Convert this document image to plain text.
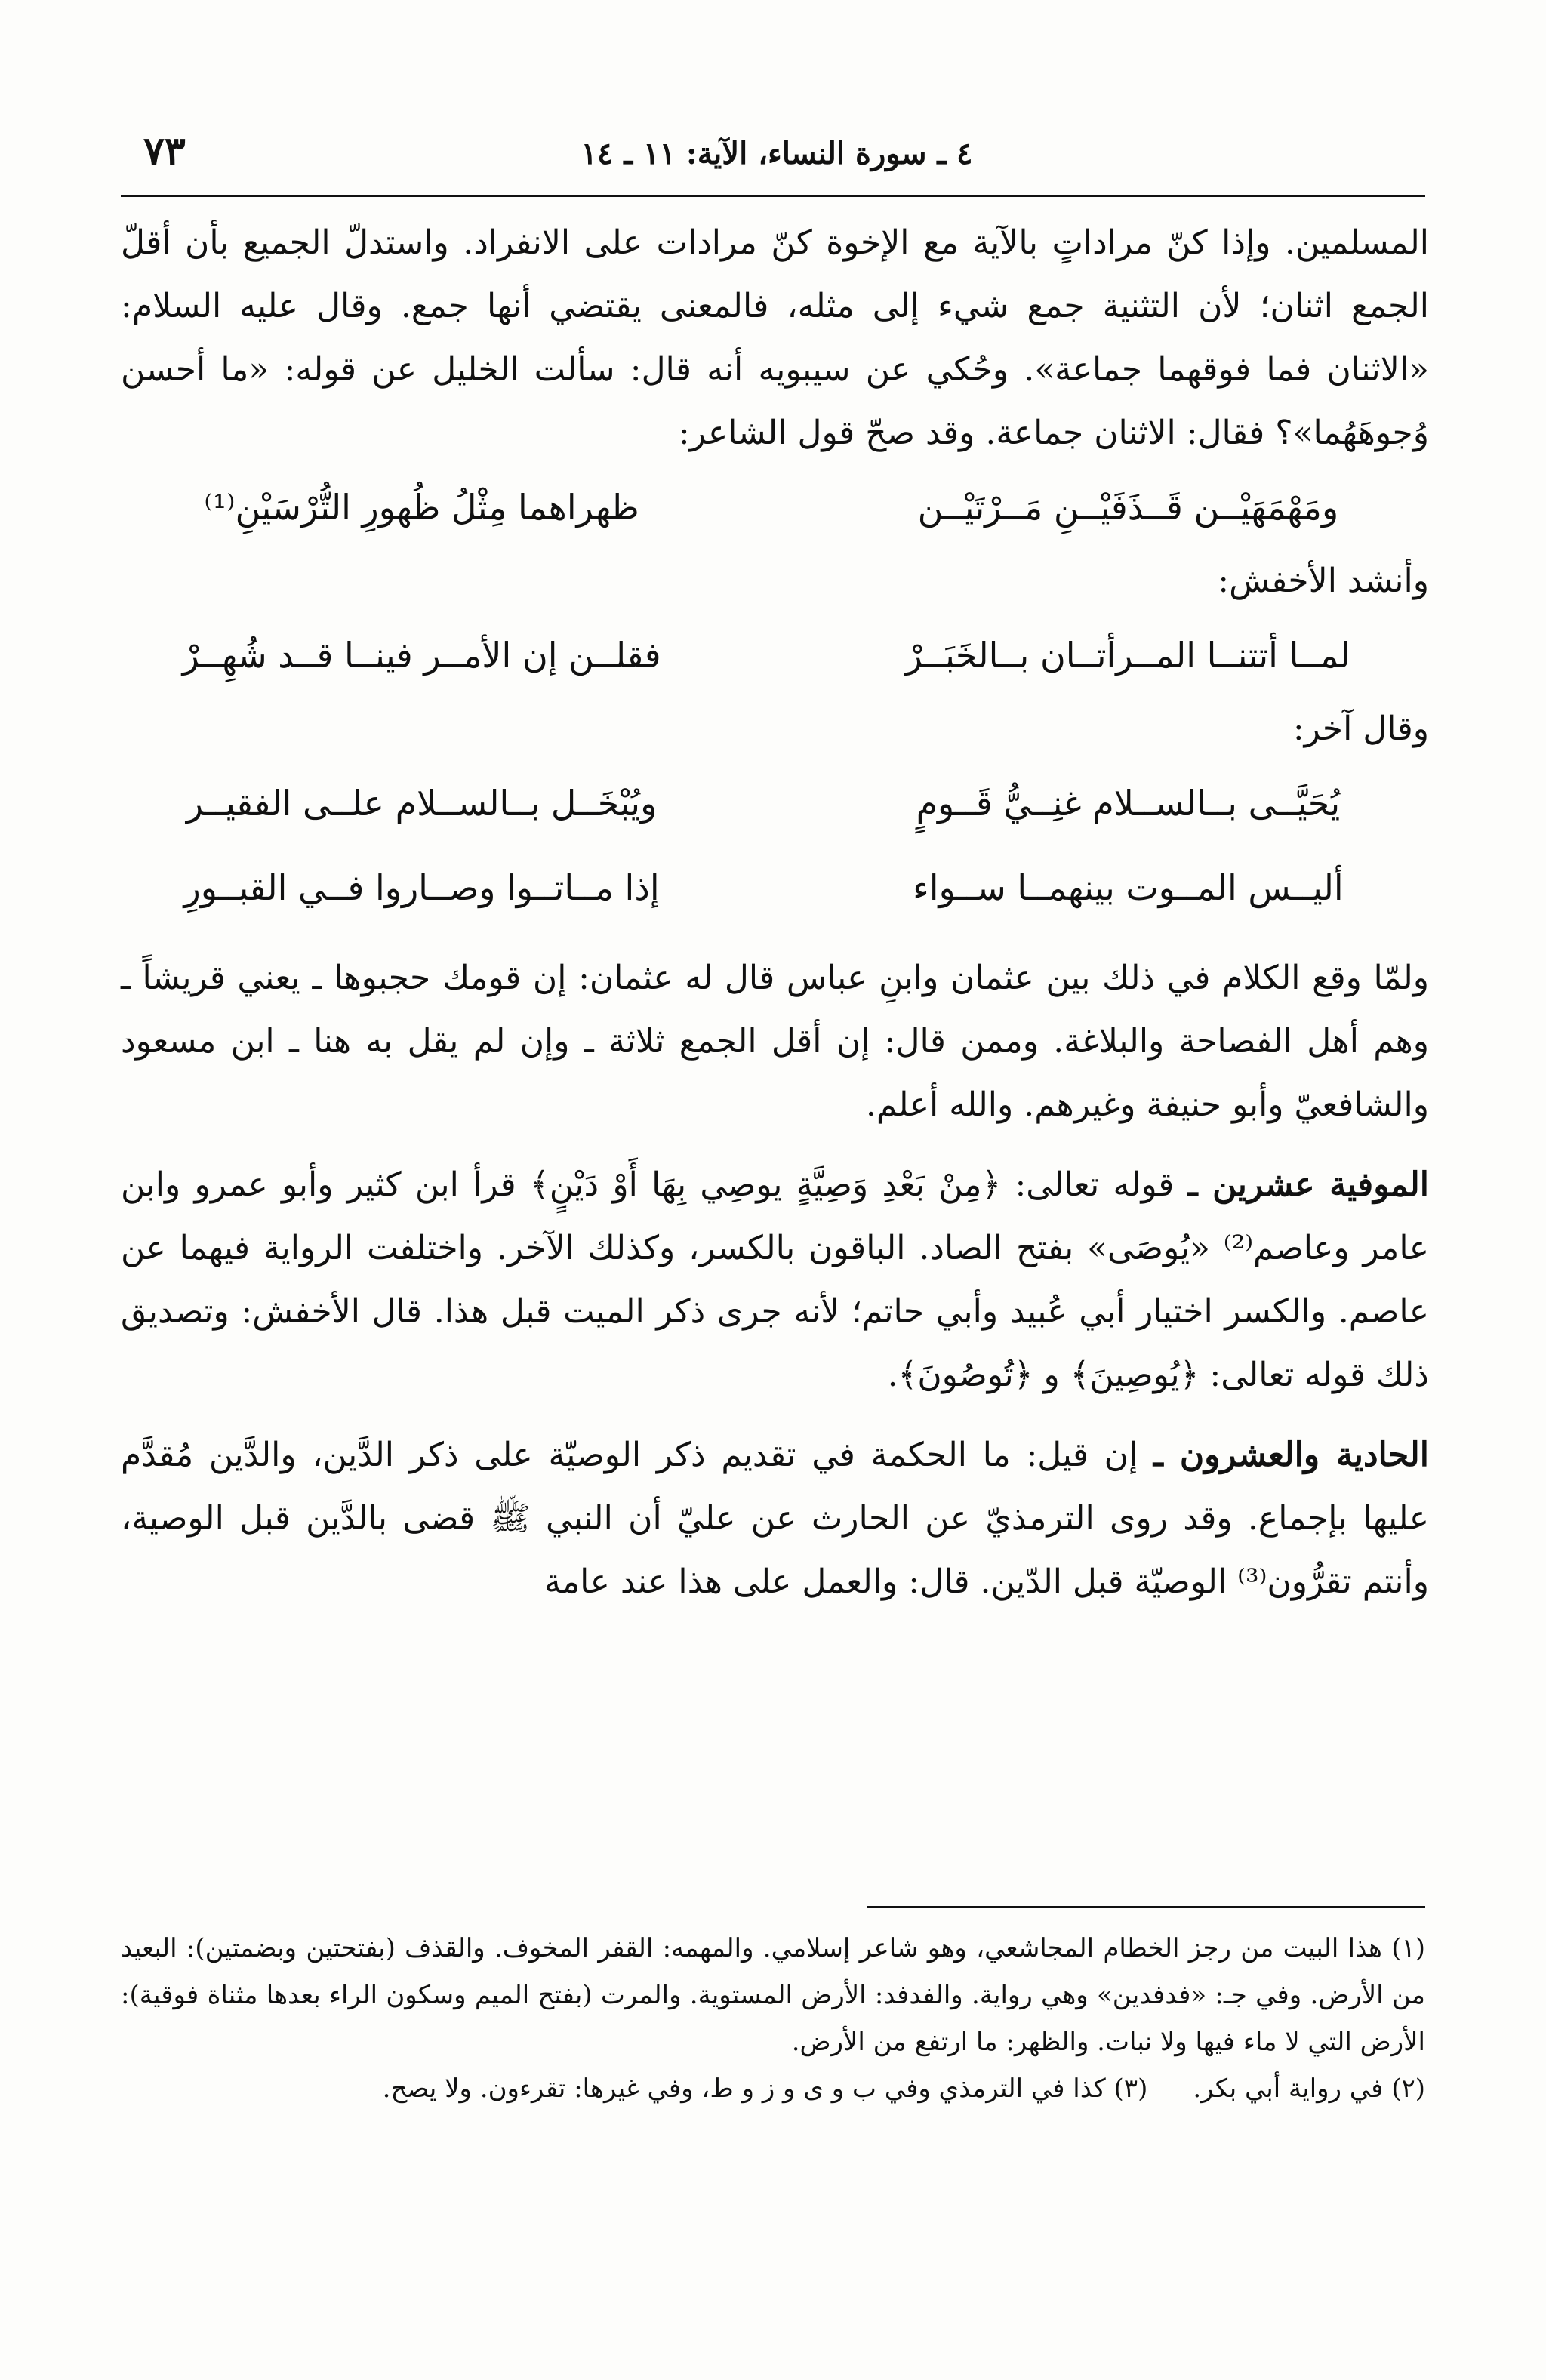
٤ ـ سورة النساء، الآية: ١١ ـ ١٤
٧٣

المسلمين. وإذا كنّ مراداتٍ بالآية مع الإخوة كنّ مرادات على الانفراد. واستدلّ الجميع بأن أقلّ الجمع اثنان؛ لأن التثنية جمع شيء إلى مثله، فالمعنى يقتضي أنها جمع. وقال عليه السلام: «الاثنان فما فوقهما جماعة». وحُكي عن سيبويه أنه قال: سألت الخليل عن قوله: «ما أحسن وُجوهَهُما»؟ فقال: الاثنان جماعة. وقد صحّ قول الشاعر:

ومَهْمَهَيْــن قَــذَفَيْــنِ مَــرْتَيْــن
ظهراهما مِثْلُ ظُهورِ التُّرْسَيْنِ⁽¹⁾

وأنشد الأخفش:

لمــا أتتنــا المــرأتــان بــالخَبَــرْ
فقلــن إن الأمــر فينــا قــد شُهِــرْ

وقال آخر:

يُحَيَّــى بــالســلام غنِــيُّ قَــومٍ
ويُبْخَــل بــالســلام علــى الفقيــر
أليــس المــوت بينهمــا ســواء
إذا مــاتــوا وصــاروا فــي القبــورِ

ولمّا وقع الكلام في ذلك بين عثمان وابنِ عباس قال له عثمان: إن قومك حجبوها ـ يعني قريشاً ـ وهم أهل الفصاحة والبلاغة. وممن قال: إن أقل الجمع ثلاثة ـ وإن لم يقل به هنا ـ ابن مسعود والشافعيّ وأبو حنيفة وغيرهم. والله أعلم.

الموفية عشرين ـ قوله تعالى: ﴿مِنْ بَعْدِ وَصِيَّةٍ يوصِي بِهَا أَوْ دَيْنٍ﴾ قرأ ابن كثير وأبو عمرو وابن عامر وعاصم⁽²⁾ «يُوصَى» بفتح الصاد. الباقون بالكسر، وكذلك الآخر. واختلفت الرواية فيهما عن عاصم. والكسر اختيار أبي عُبيد وأبي حاتم؛ لأنه جرى ذكر الميت قبل هذا. قال الأخفش: وتصديق ذلك قوله تعالى: ﴿يُوصِينَ﴾ و ﴿تُوصُونَ﴾.

الحادية والعشرون ـ إن قيل: ما الحكمة في تقديم ذكر الوصيّة على ذكر الدَّين، والدَّين مُقدَّم عليها بإجماع. وقد روى الترمذيّ عن الحارث عن عليّ أن النبي ﷺ قضى بالدَّين قبل الوصية، وأنتم تقرُّون⁽³⁾ الوصيّة قبل الدّين. قال: والعمل على هذا عند عامة

(١) هذا البيت من رجز الخطام المجاشعي، وهو شاعر إسلامي. والمهمه: القفر المخوف. والقذف (بفتحتين وبضمتين): البعيد من الأرض. وفي جـ: «فدفدين» وهي رواية. والفدفد: الأرض المستوية. والمرت (بفتح الميم وسكون الراء بعدها مثناة فوقية): الأرض التي لا ماء فيها ولا نبات. والظهر: ما ارتفع من الأرض.

(٢) في رواية أبي بكر.
(٣) كذا في الترمذي وفي ب و ى و ز و ط، وفي غيرها: تقرءون. ولا يصح.
